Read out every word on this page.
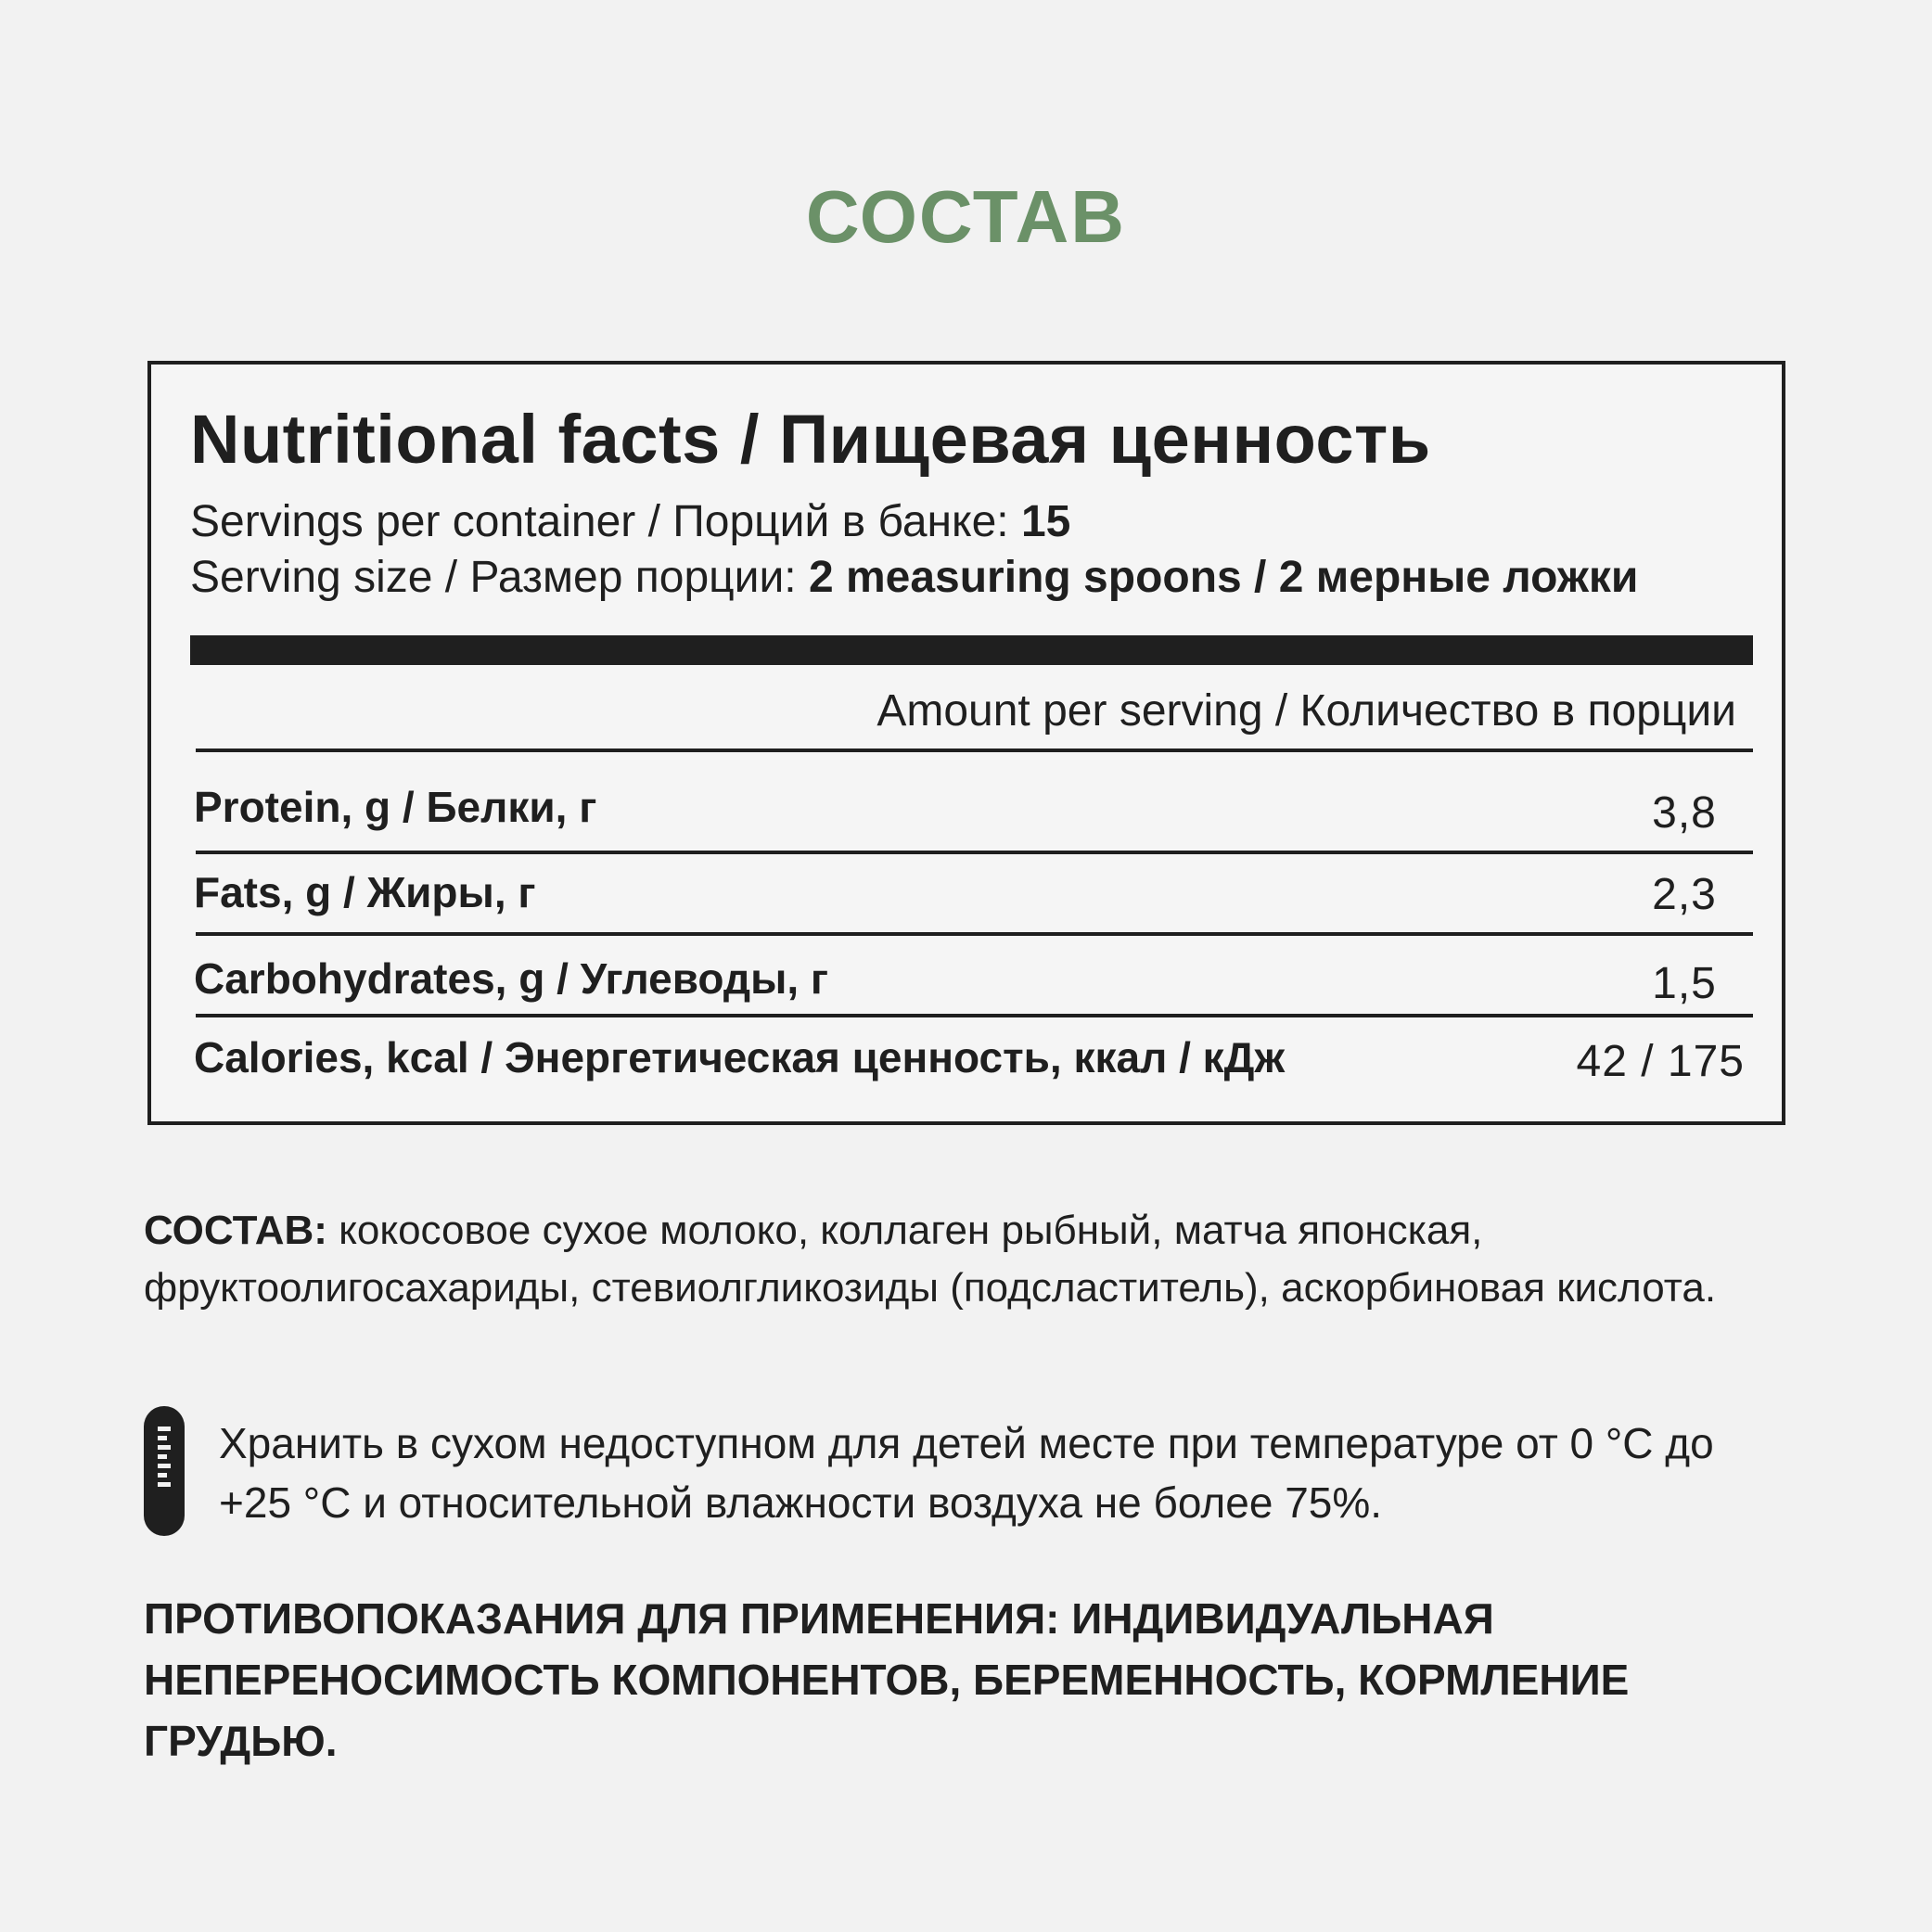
СОСТАВ
Nutritional facts / Пищевая ценность
Servings per container / Порций в банке: 15
Serving size / Размер порции: 2 measuring spoons / 2 мерные ложки
Amount per serving / Количество в порции
Protein, g / Белки, г	3,8
Fats, g / Жиры, г	2,3
Carbohydrates, g / Углеводы, г	1,5
Calories, kcal / Энергетическая ценность, ккал / кДж	42 / 175
СОСТАВ: кокосовое сухое молоко, коллаген рыбный, матча японская, фруктоолигосахариды, стевиолгликозиды (подсластитель), аскорбиновая кислота.
Хранить в сухом недоступном для детей месте при температуре от 0 °С до +25 °С и относительной влажности воздуха не более 75%.
ПРОТИВОПОКАЗАНИЯ ДЛЯ ПРИМЕНЕНИЯ: ИНДИВИДУАЛЬНАЯ НЕПЕРЕНОСИМОСТЬ КОМПОНЕНТОВ, БЕРЕМЕННОСТЬ, КОРМЛЕНИЕ ГРУДЬЮ.
